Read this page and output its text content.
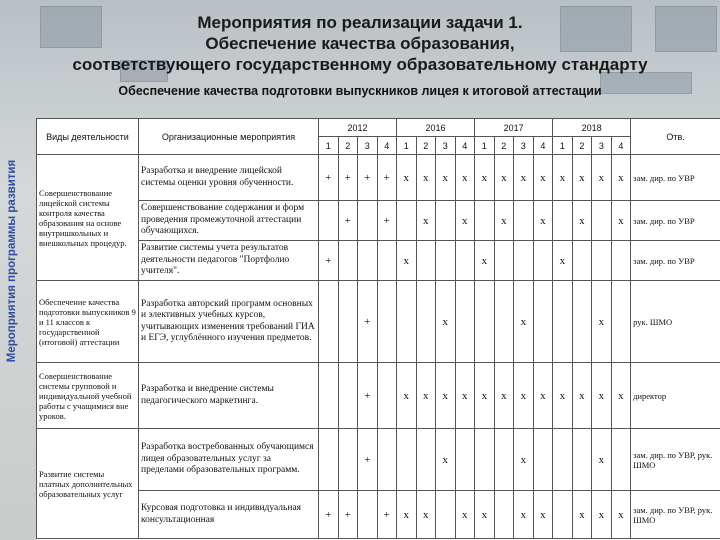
Мероприятия по реализации задачи 1.
Обеспечение качества образования,
соответствующего государственному образовательному стандарту
Обеспечение качества подготовки выпускников лицея к итоговой аттестации
Мероприятия программы развития
Виды деятельности	Организационные мероприятия	2012				2016				2017				2018				Отв.
		1	2	3	4	1	2	3	4	1	2	3	4	1	2	3	4	
Совершенствование лицейской системы контроля качества образования на основе внутришкольных и внешкольных процедур.	Разработка и внедрение лицейской системы оценки уровня обученности.	+	+	+	+	х	х	х	х	х	х	х	х	х	х	х	х	зам. дир. по УВР
	Совершенствование содержания и форм проведения промежуточной аттестации обучающихся.		+		+		х		х		х		х		х		х	зам. дир. по УВР
	Развитие системы учета результатов деятельности педагогов "Портфолио учителя".	+				х				х				х				зам. дир. по УВР
Обеспечение качества подготовки выпускников 9 и 11 классов к государственной (итоговой) аттестации	Разработка авторский программ основных и элективных учебных курсов, учитывающих изменения требований ГИА и ЕГЭ, углублённого изучения предметов.			+				х				х				х		рук. ШМО
Совершенствование системы групповой и индивидуальной учебной работы с учащимися вне уроков.	Разработка и внедрение системы педагогического маркетинга.			+		х	х	х	х	х	х	х	х	х	х	х	х	директор
Развитие системы платных дополнительных образовательных услуг	Разработка востребованных обучающимся лицея образовательных услуг за пределами образовательных программ.			+				х				х				х		зам. дир. по УВР, рук. ШМО
	Курсовая подготовка и индивидуальная консультационная	+	+		+	х	х		х	х		х	х		х	х	х	зам. дир. по УВР, рук. ШМО
